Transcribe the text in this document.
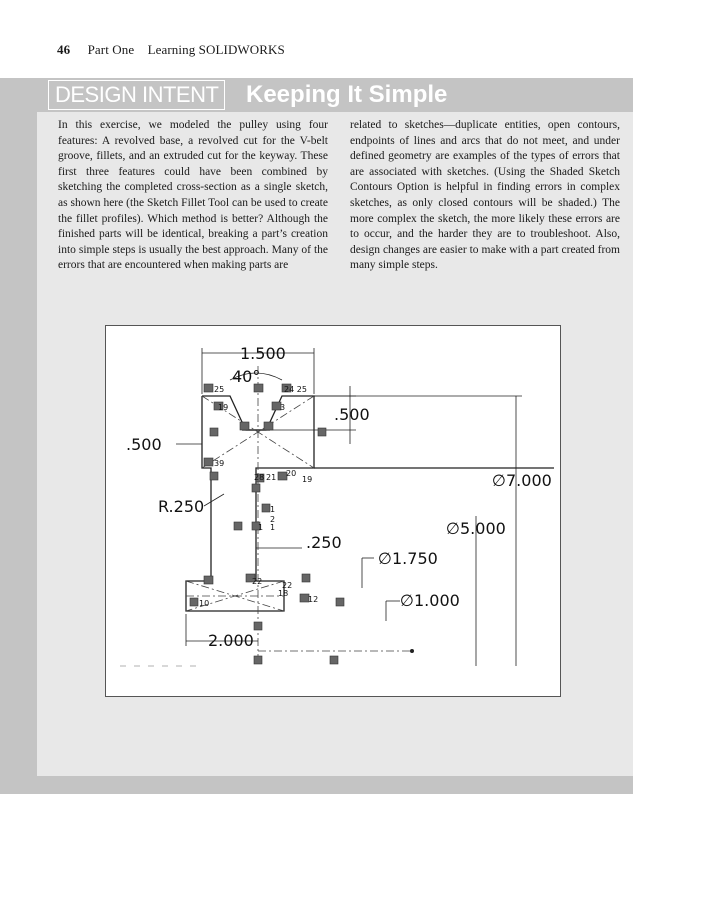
46 Part One Learning SOLIDWORKS
DESIGN INTENT Keeping It Simple
In this exercise, we modeled the pulley using four features: A revolved base, a revolved cut for the V-belt groove, fillets, and an extruded cut for the keyway. These first three features could have been combined by sketching the completed cross-section as a single sketch, as shown here (the Sketch Fillet Tool can be used to create the fillet profiles). Which method is better? Although the finished parts will be identical, breaking a part’s creation into simple steps is usually the best approach. Many of the errors that are encountered when making parts are
related to sketches—duplicate entities, open contours, endpoints of lines and arcs that do not meet, and under defined geometry are examples of the types of errors that are associated with sketches. (Using the Shaded Sketch Contours Option is helpful in finding errors in complex sketches, as only closed contours will be shaded.) The more complex the sketch, the more likely these errors are to occur, and the harder they are to troubleshoot. Also, design changes are easier to make with a part created from many simple steps.
25	24 25
39
19
28 21 20
19
3
1
1 1
2
10
22 22
18
12
1.500
40°
.500
.500
R.250
.250
2.000
∅ 7.000
∅ 5.000
∅ 1.750
∅ 1.000
